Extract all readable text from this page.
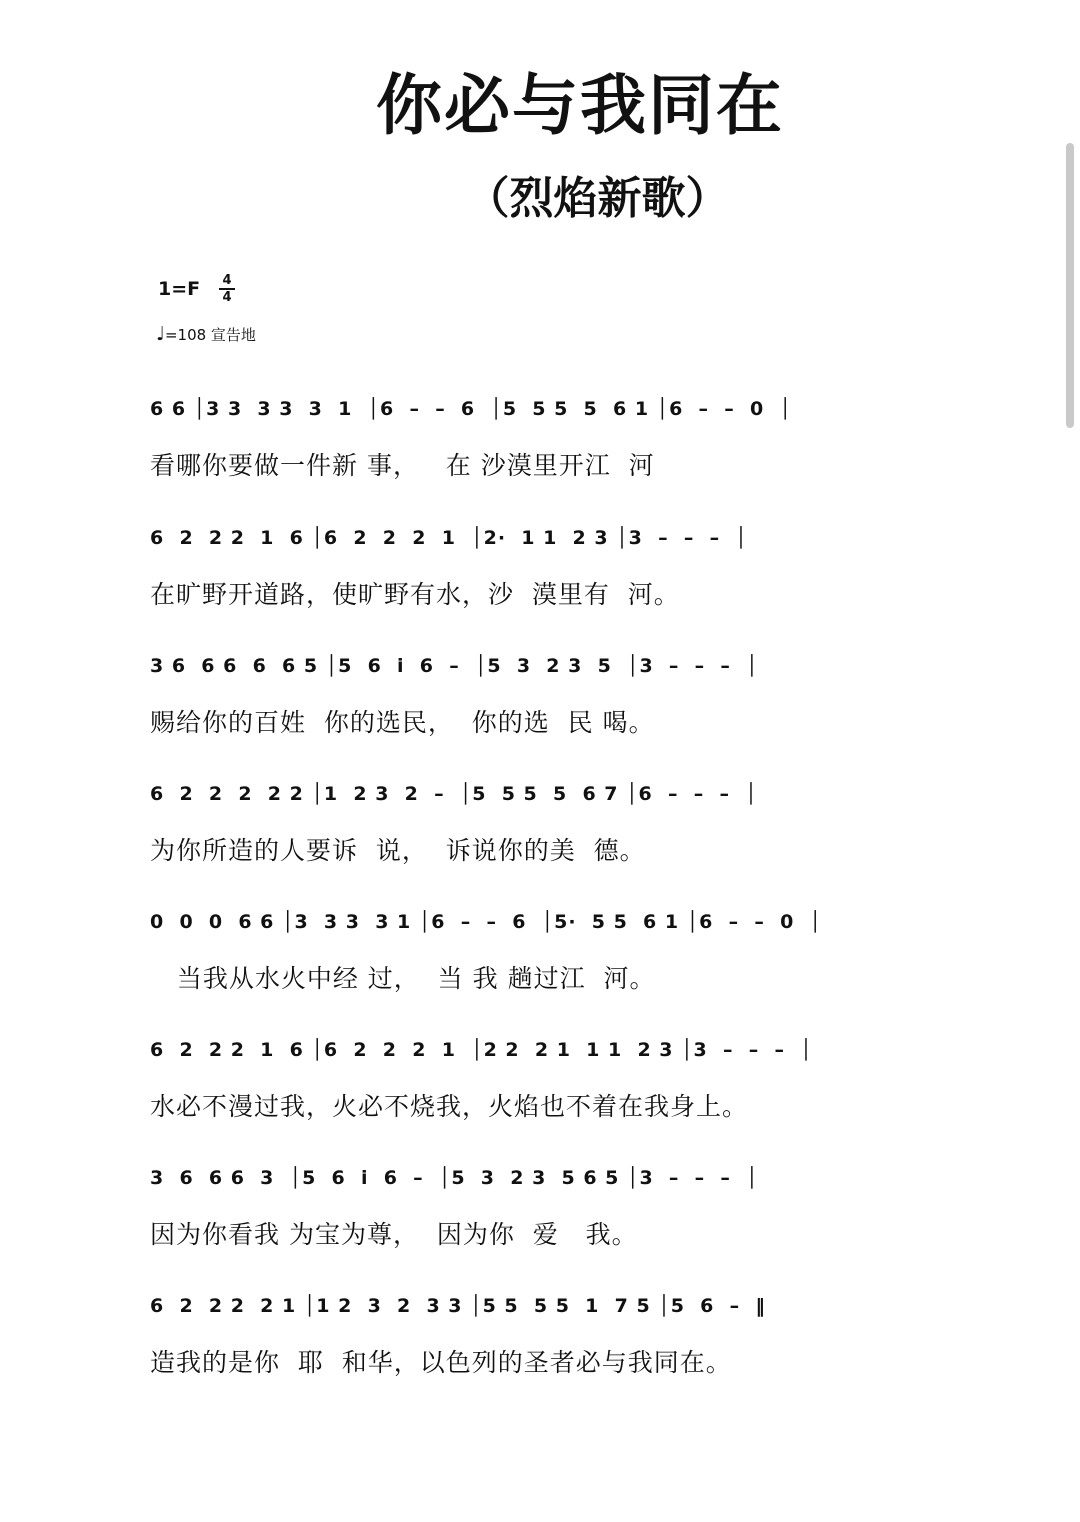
你必与我同在
（烈焰新歌）
1=F 4
4
♩=108 宣告地
6 6 │3 3  3 3  3  1  │6  –  –  6  │5  5 5  5  6 1 │6  –  –  0  │
看哪你要做一件新 事，   在 沙漠里开江  河
6  2  2 2  1  6 │6  2  2  2  1  │2·  1 1  2 3 │3  –  –  –  │
在旷野开道路，使旷野有水，沙  漠里有  河。
3 6  6 6  6  6 5 │5  6  i  6  –  │5  3  2 3  5  │3  –  –  –  │
赐给你的百姓  你的选民，  你的选  民 喝。
6  2  2  2  2 2 │1  2 3  2  –  │5  5 5  5  6 7 │6  –  –  –  │
为你所造的人要诉  说，  诉说你的美  德。
0  0  0  6 6 │3  3 3  3 1 │6  –  –  6  │5·  5 5  6 1 │6  –  –  0  │
当我从水火中经 过，  当 我 趟过江  河。
6  2  2 2  1  6 │6  2  2  2  1  │2 2  2 1  1 1  2 3 │3  –  –  –  │
水必不漫过我，火必不烧我，火焰也不着在我身上。
3  6  6 6  3  │5  6  i  6  –  │5  3  2 3  5 6 5 │3  –  –  –  │
因为你看我 为宝为尊，  因为你  爱   我。
6  2  2 2  2 1 │1 2  3  2  3 3 │5 5  5 5  1  7 5 │5  6  –  ‖
造我的是你  耶  和华，以色列的圣者必与我同在。
